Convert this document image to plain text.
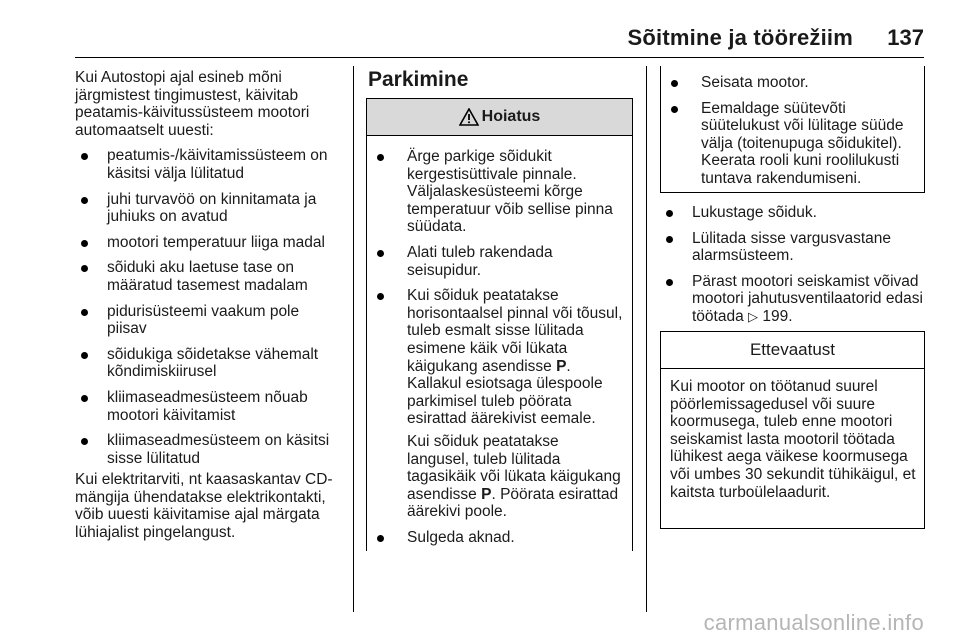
Sõitmine ja töörežiim 137

Kui Autostopi ajal esineb mõni järgmistest tingimustest, käivitab peatamis-käivitussüsteem mootori automaatselt uuesti:

peatumis-/käivitamissüsteem on käsitsi välja lülitatud
juhi turvavöö on kinnitamata ja juhiuks on avatud
mootori temperatuur liiga madal
sõiduki aku laetuse tase on määratud tasemest madalam
pidurisüsteemi vaakum pole piisav
sõidukiga sõidetakse vähemalt kõndimiskiirusel
kliimaseadmesüsteem nõuab mootori käivitamist
kliimaseadmesüsteem on käsitsi sisse lülitatud

Kui elektritarviti, nt kaasaskantav CD-mängija ühendatakse elektrikontakti, võib uuesti käivitamise ajal märgata lühiajalist pingelangust.

Parkimine
Hoiatus
Ärge parkige sõidukit kergestisüttivale pinnale. Väljalaskesüsteemi kõrge temperatuur võib sellise pinna süüdata.
Alati tuleb rakendada seisupidur.
Kui sõiduk peatatakse horisontaalsel pinnal või tõusul, tuleb esmalt sisse lülitada esimene käik või lükata käigukang asendisse P. Kallakul esiotsaga ülespoole parkimisel tuleb pöörata esirattad äärekivist eemale.

Kui sõiduk peatatakse langusel, tuleb lülitada tagasikäik või lükata käigukang asendisse P. Pöörata esirattad äärekivi poole.

Sulgeda aknad.
Seisata mootor.
Eemaldage süütevõti süütelukust või lülitage süüde välja (toitenupuga sõidukitel). Keerata rooli kuni roolilukusti tuntava rakendumiseni.
Lukustage sõiduk.
Lülitada sisse vargusvastane alarmsüsteem.
Pärast mootori seiskamist võivad mootori jahutusventilaatorid edasi töötada ▷ 199.
Ettevaatust

Kui mootor on töötanud suurel pöörlemissagedusel või suure koormusega, tuleb enne mootori seiskamist lasta mootoril töötada lühikest aega väikese koormusega või umbes 30 sekundit tühikäigul, et kaitsta turboülelaadurit.

carmanualsonline.info
